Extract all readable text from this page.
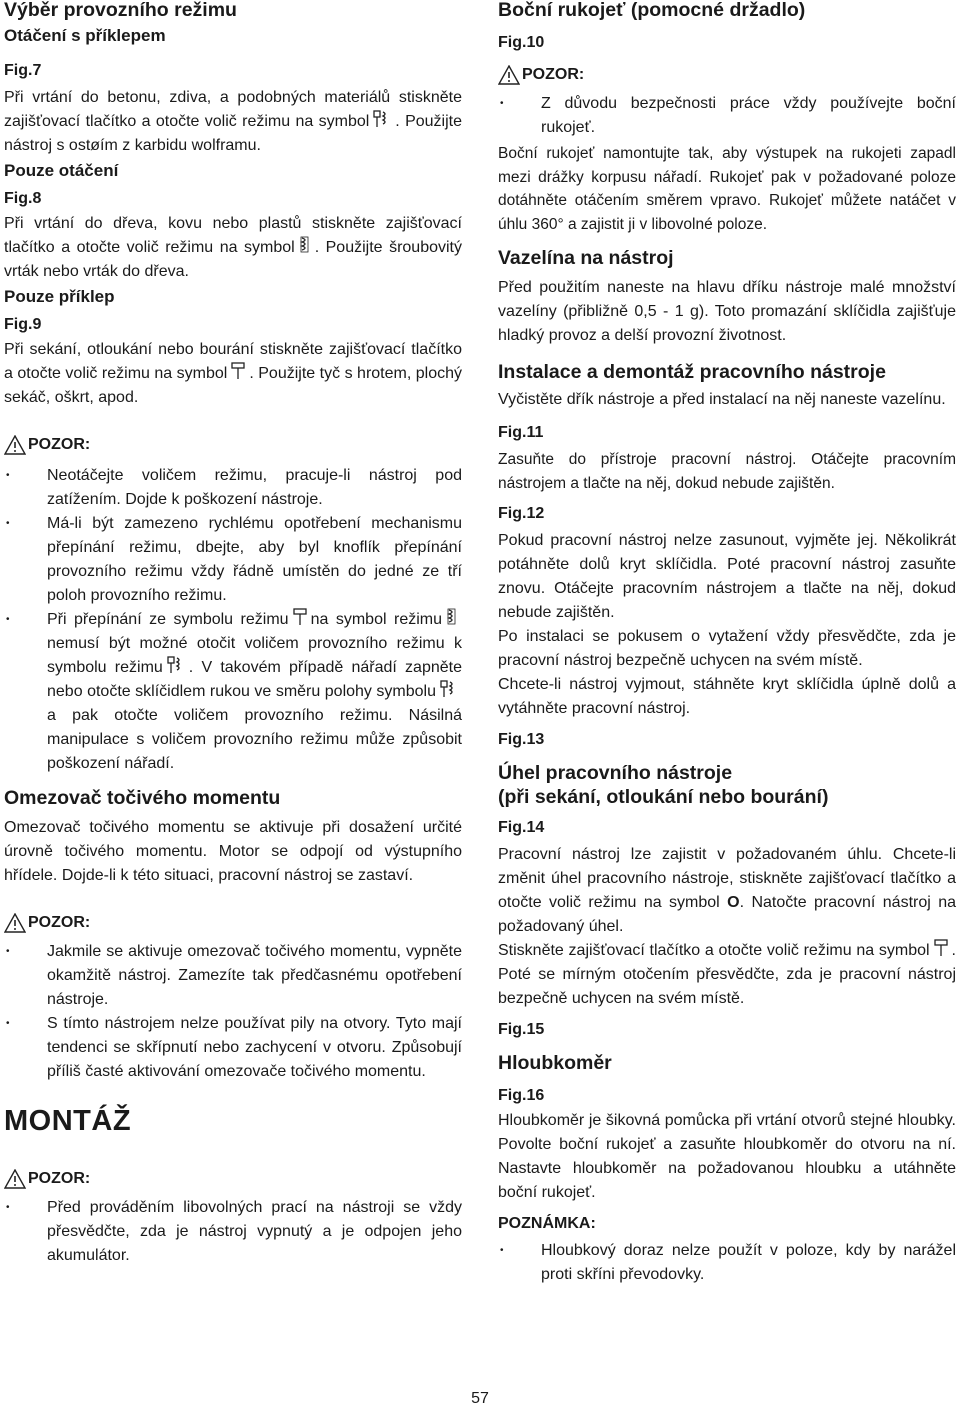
Výběr provozního režimu

Otáčení s příklepem

Fig.7

Při vrtání do betonu, zdiva, a podobných materiálů stiskněte zajišťovací tlačítko a otočte volič režimu na symbol . Použijte nástroj s ostøím z karbidu wolframu.

Pouze otáčení

Fig.8

Při vrtání do dřeva, kovu nebo plastů stiskněte zajišťovací tlačítko a otočte volič režimu na symbol . Použijte šroubovitý vrták nebo vrták do dřeva.

Pouze příklep

Fig.9

Při sekání, otloukání nebo bourání stiskněte zajišťovací tlačítko a otočte volič režimu na symbol . Použijte tyč s hrotem, plochý sekáč, oškrt, apod.

POZOR:
• Neotáčejte voličem režimu, pracuje-li nástroj pod zatížením. Dojde k poškození nástroje.
• Má-li být zamezeno rychlému opotřebení mechanismu přepínání režimu, dbejte, aby byl knoflík přepínání provozního režimu vždy řádně umístěn do jedné ze tří poloh provozního režimu.
• Při přepínání ze symbolu režimu na symbol režimu
nemusí být možné otočit voličem provozního režimu k symbolu režimu . V takovém případě nářadí zapněte nebo otočte sklíčidlem rukou ve směru polohy symbolu
a pak otočte voličem provozního režimu. Násilná manipulace s voličem provozního režimu může způsobit poškození nářadí.

Omezovač točivého momentu

Omezovač točivého momentu se aktivuje při dosažení určité úrovně točivého momentu. Motor se odpojí od výstupního hřídele. Dojde-li k této situaci, pracovní nástroj se zastaví.

POZOR:
• Jakmile se aktivuje omezovač točivého momentu, vypněte okamžitě nástroj. Zamezíte tak předčasnému opotřebení nástroje.
• S tímto nástrojem nelze používat pily na otvory. Tyto mají tendenci se skřípnutí nebo zachycení v otvoru. Způsobují příliš časté aktivování omezovače točivého momentu.

MONTÁŽ

POZOR:
• Před prováděním libovolných prací na nástroji se vždy přesvědčte, zda je nástroj vypnutý a je odpojen jeho akumulátor.

Boční rukojeť (pomocné držadlo)

Fig.10

POZOR:
• Z důvodu bezpečnosti práce vždy používejte boční rukojeť.

Boční rukojeť namontujte tak, aby výstupek na rukojeti zapadl mezi drážky korpusu nářadí. Rukojeť pak v požadované poloze dotáhněte otáčením směrem vpravo. Rukojeť můžete natáčet v úhlu 360° a zajistit ji v libovolné poloze.

Vazelína na nástroj

Před použitím naneste na hlavu dříku nástroje malé množství vazelíny (přibližně 0,5 - 1 g). Toto promazání sklíčidla zajišťuje hladký provoz a delší provozní životnost.

Instalace a demontáž pracovního nástroje

Vyčistěte dřík nástroje a před instalací na něj naneste vazelínu.

Fig.11

Zasuňte do přístroje pracovní nástroj. Otáčejte pracovním nástrojem a tlačte na něj, dokud nebude zajištěn.

Fig.12

Pokud pracovní nástroj nelze zasunout, vyjměte jej. Několikrát potáhněte dolů kryt sklíčidla. Poté pracovní nástroj zasuňte znovu. Otáčejte pracovním nástrojem a tlačte na něj, dokud nebude zajištěn.

Po instalaci se pokusem o vytažení vždy přesvědčte, zda je pracovní nástroj bezpečně uchycen na svém místě.

Chcete-li nástroj vyjmout, stáhněte kryt sklíčidla úplně dolů a vytáhněte pracovní nástroj.

Fig.13

Úhel pracovního nástroje
(při sekání, otloukání nebo bourání)

Fig.14

Pracovní nástroj lze zajistit v požadovaném úhlu. Chcete-li změnit úhel pracovního nástroje, stiskněte zajišťovací tlačítko a otočte volič režimu na symbol O. Natočte pracovní nástroj na požadovaný úhel.

Stiskněte zajišťovací tlačítko a otočte volič režimu na symbol . Poté se mírným otočením přesvědčte, zda je pracovní nástroj bezpečně uchycen na svém místě.

Fig.15

Hloubkoměr

Fig.16

Hloubkoměr je šikovná pomůcka při vrtání otvorů stejné hloubky. Povolte boční rukojeť a zasuňte hloubkoměr do otvoru na ní. Nastavte hloubkoměr na požadovanou hloubku a utáhněte boční rukojeť.

POZNÁMKA:

• Hloubkový doraz nelze použít v poloze, kdy by narážel proti skříni převodovky.
57
